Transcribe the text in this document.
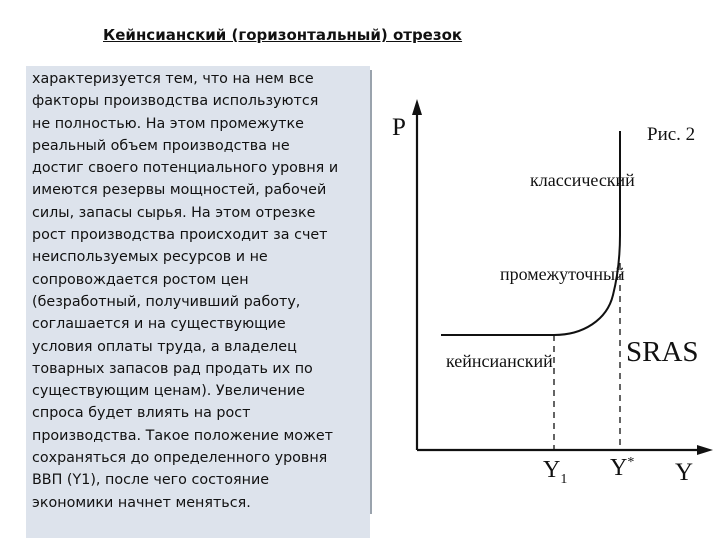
Кейнсианский (горизонтальный) отрезок
характеризуется тем, что на нем все
факторы производства используются
не полностью. На этом промежутке
реальный объем производства не
достиг своего потенциального уровня и
имеются резервы мощностей, рабочей
силы, запасы сырья. На этом отрезке
рост производства происходит за счет
неиспользуемых ресурсов и не
сопровождается ростом цен
(безработный, получивший работу,
соглашается и на существующие
условия оплаты труда, а владелец
товарных запасов рад продать их по
существующим ценам). Увеличение
спроса будет влиять на рост
производства. Такое положение может
сохраняться до определенного уровня
ВВП (Y1), после чего состояние
экономики начнет меняться.
P	Рис. 2
классический
промежуточный
кейнсианский	SRAS
$Y_1$ Y* Y
